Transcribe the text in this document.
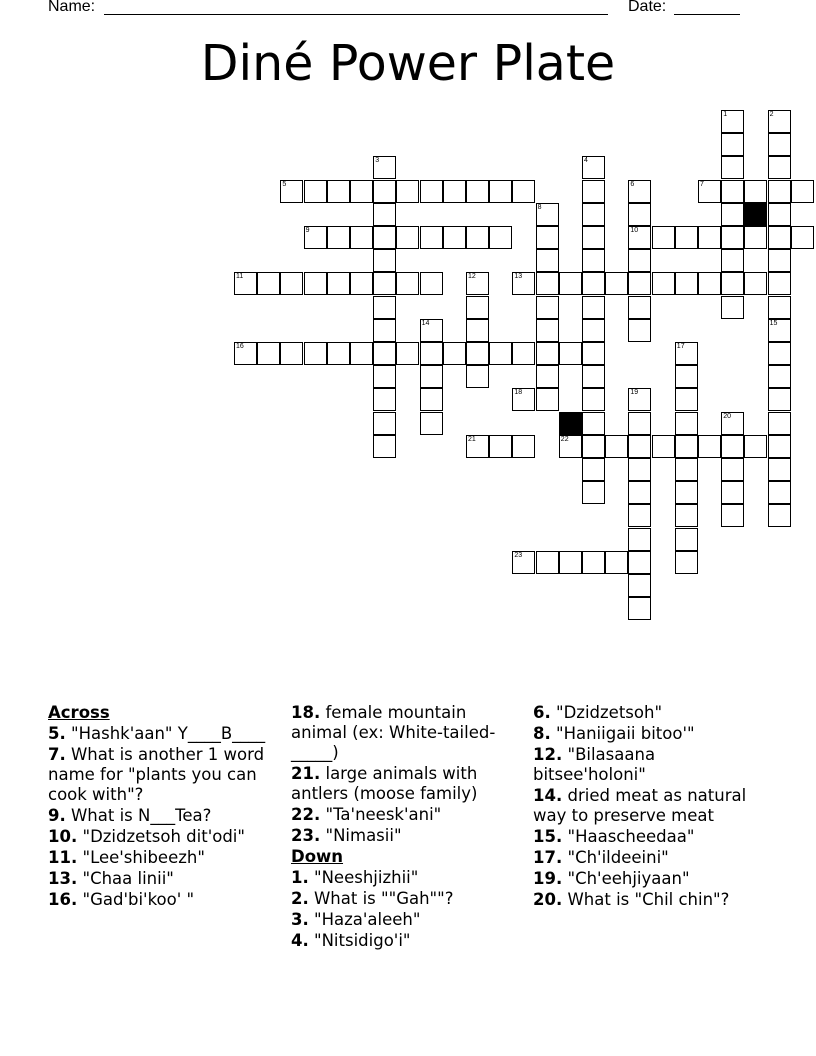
Name:	Date:
Diné Power Plate
5	7
9	10
11	13
16
18
21	22
23
1	2
15
3	4
6
8
12
14
17
19
20
Across
5. "Hashk'aan" Y____B____
7. What is another 1 word name for "plants you can cook with"?
9. What is N___Tea?
10. "Dzidzetsoh dit'odi"
11. "Lee'shibeezh"
13. "Chaa linii"
16. "Gad'bi'koo' "
18. female mountain animal (ex: White-tailed-_____)
21. large animals with antlers (moose family)
22. "Ta'neesk'ani"
23. "Nimasii"
Down
1. "Neeshjizhii"
2. What is ""Gah""?
3. "Haza'aleeh"
4. "Nitsidigo'i"
6. "Dzidzetsoh"
8. "Haniigaii bitoo'"
12. "Bilasaana bitsee'holoni"
14. dried meat as natural way to preserve meat
15. "Haascheedaa"
17. "Ch'ildeeini"
19. "Ch'eehjiyaan"
20. What is "Chil chin"?
